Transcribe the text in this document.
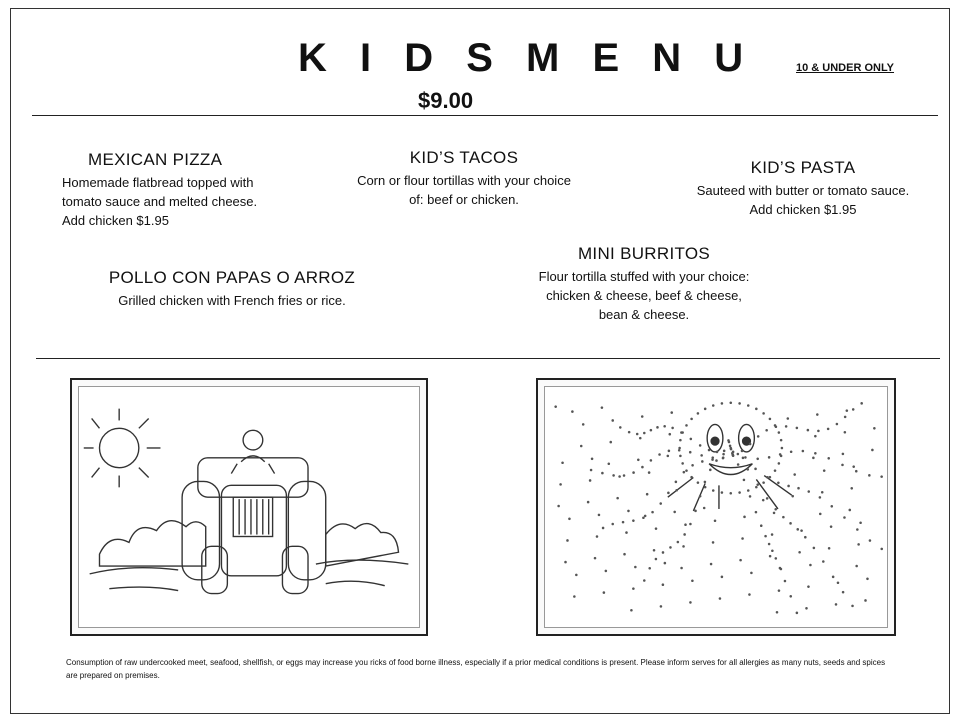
K I D S M E N U	10 & UNDER ONLY
$9.00
MEXICAN PIZZA

Homemade flatbread topped with tomato sauce and melted cheese. Add chicken $1.95

KID’S TACOS

Corn or flour tortillas with your choice of: beef or chicken.

KID’S PASTA

Sauteed with butter or tomato sauce. Add chicken $1.95

POLLO CON PAPAS O ARROZ

Grilled chicken with French fries or rice.

MINI BURRITOS

Flour tortilla stuffed with your choice: chicken & cheese, beef & cheese, bean & cheese.

Consumption of raw undercooked meet, seafood, shellfish, or eggs may increase you ricks of food borne illness, especially if a prior medical conditions is present. Please inform serves for all allergies as many nuts, seeds and spices are prepared on premises.
